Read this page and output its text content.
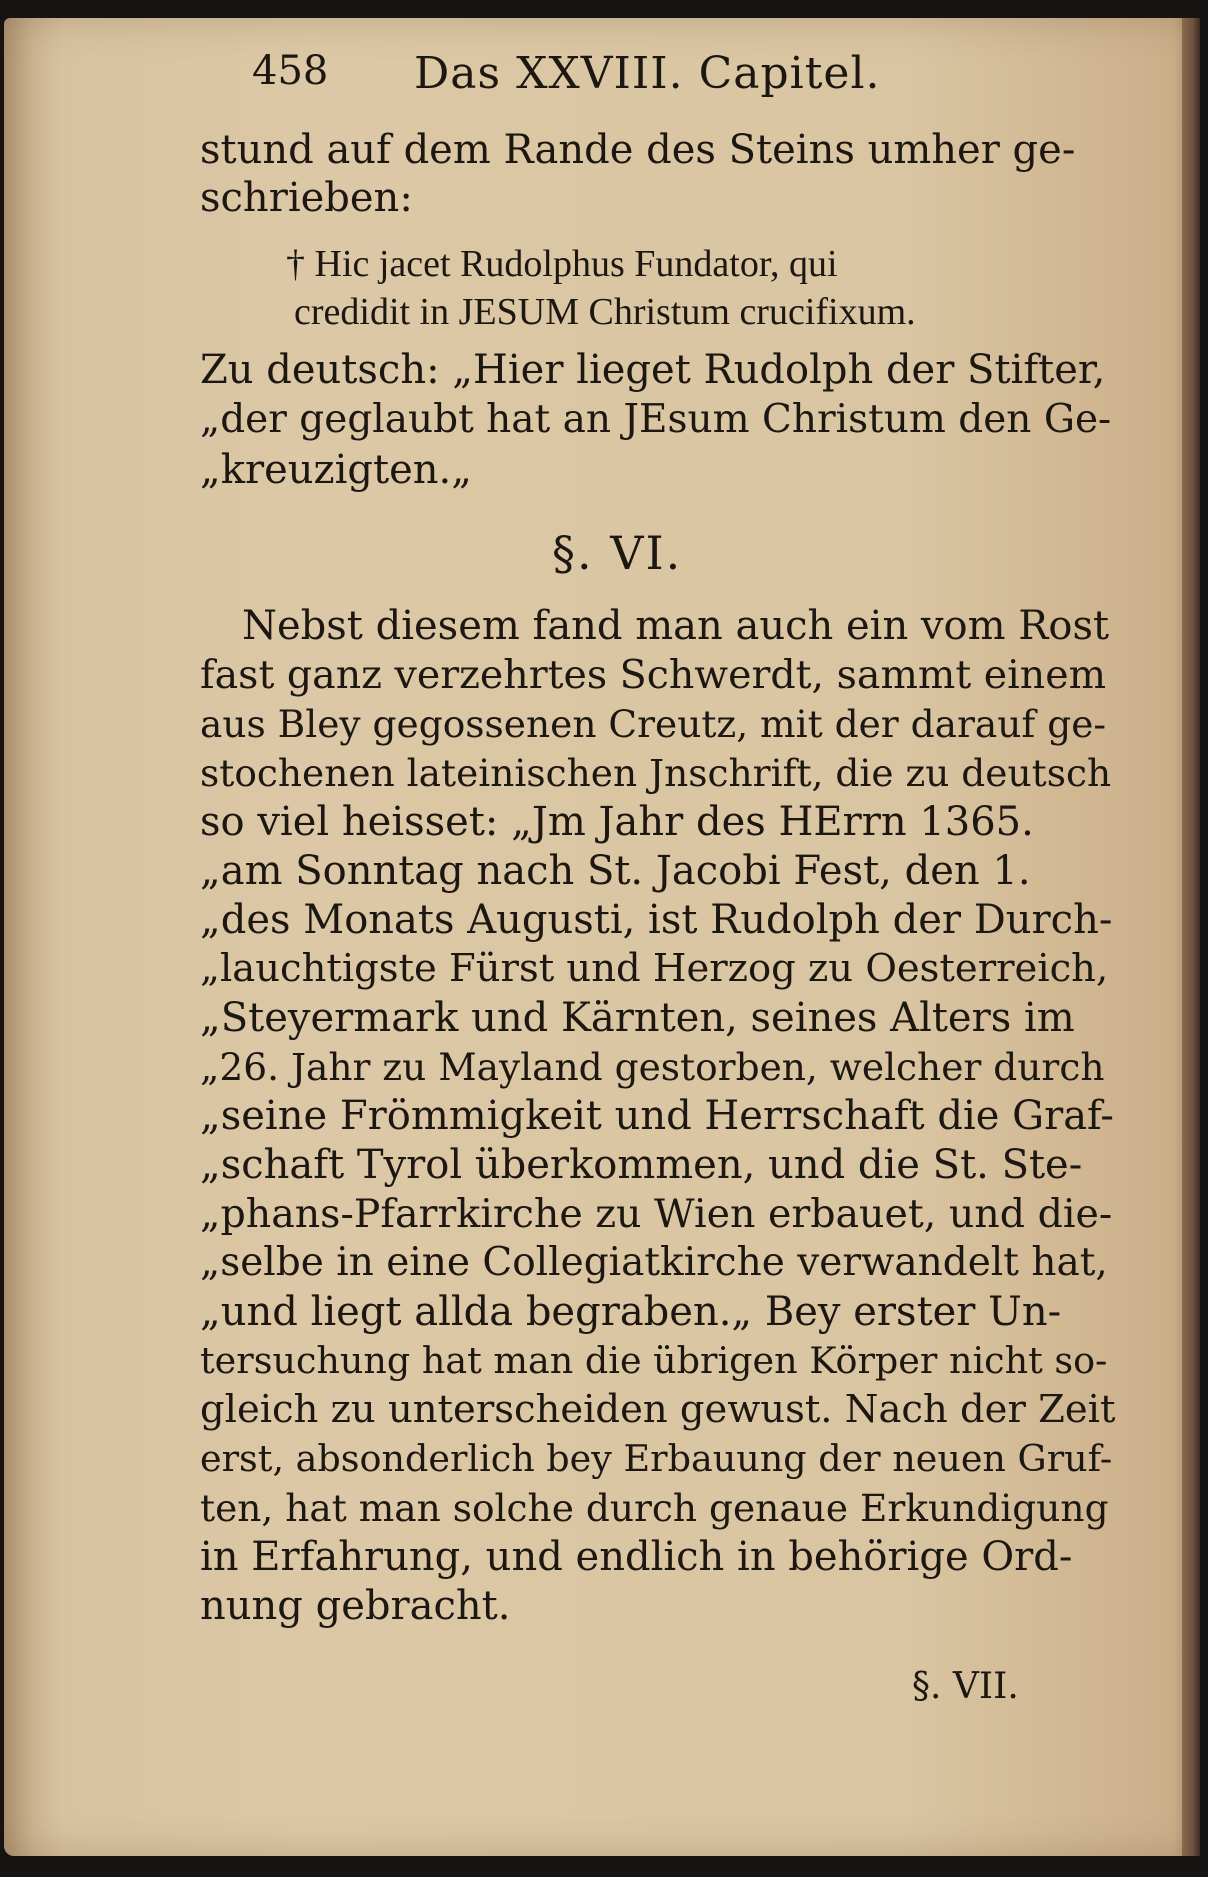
458 Das XXVIII. Capitel.
stund auf dem Rande des Steins umher ge-
schrieben:
† Hic jacet Rudolphus Fundator, qui
credidit in JESUM Christum crucifixum.
Zu deutsch: „Hier lieget Rudolph der Stifter,
„der geglaubt hat an JEsum Christum den Ge-
„kreuzigten.„
§. VI.
Nebst diesem fand man auch ein vom Rost
fast ganz verzehrtes Schwerdt, sammt einem
aus Bley gegossenen Creutz, mit der darauf ge-
stochenen lateinischen Jnschrift, die zu deutsch
so viel heisset: „Jm Jahr des HErrn 1365.
„am Sonntag nach St. Jacobi Fest, den 1.
„des Monats Augusti, ist Rudolph der Durch-
„lauchtigste Fürst und Herzog zu Oesterreich,
„Steyermark und Kärnten, seines Alters im
„26. Jahr zu Mayland gestorben, welcher durch
„seine Frömmigkeit und Herrschaft die Graf-
„schaft Tyrol überkommen, und die St. Ste-
„phans-Pfarrkirche zu Wien erbauet, und die-
„selbe in eine Collegiatkirche verwandelt hat,
„und liegt allda begraben.„ Bey erster Un-
tersuchung hat man die übrigen Körper nicht so-
gleich zu unterscheiden gewust. Nach der Zeit
erst, absonderlich bey Erbauung der neuen Gruf-
ten, hat man solche durch genaue Erkundigung
in Erfahrung, und endlich in behörige Ord-
nung gebracht.
§. VII.
